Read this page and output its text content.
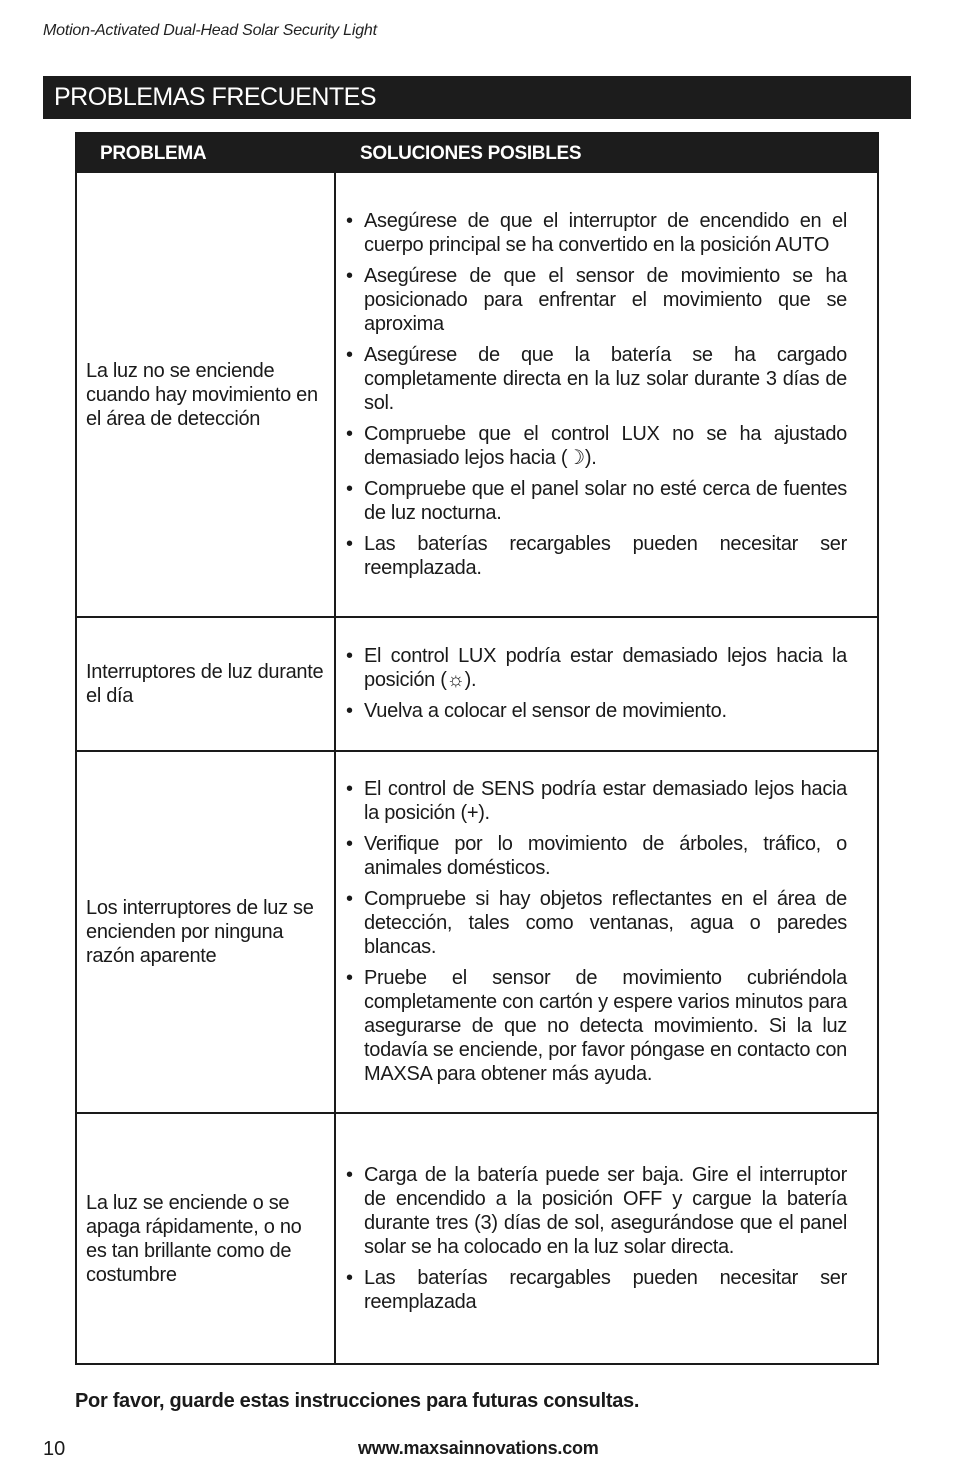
Motion-Activated Dual-Head Solar Security Light
PROBLEMAS FRECUENTES
PROBLEMA	SOLUCIONES POSIBLES
La luz no se enciende cuando hay movimiento en el área de detección
• Asegúrese de que el interruptor de encendido en el cuerpo principal se ha convertido en la posición AUTO
• Asegúrese de que el sensor de movimiento se ha posicionado para enfrentar el movimiento que se aproxima
• Asegúrese de que la batería se ha cargado completamente directa en la luz solar durante 3 días de sol.
• Compruebe que el control LUX no se ha ajustado demasiado lejos hacia (☽).
• Compruebe que el panel solar no esté cerca de fuentes de luz nocturna.
• Las baterías recargables pueden necesitar ser reemplazada.
Interruptores de luz durante el día
• El control LUX podría estar demasiado lejos hacia la posición (☼).
• Vuelva a colocar el sensor de movimiento.
Los interruptores de luz se encienden por ninguna razón aparente
• El control de SENS podría estar demasiado lejos hacia la posición (+).
• Verifique por lo movimiento de árboles, tráfico, o animales domésticos.
• Compruebe si hay objetos reflectantes en el área de detección, tales como ventanas, agua o paredes blancas.
• Pruebe el sensor de movimiento cubriéndola completamente con cartón y espere varios minutos para asegurarse de que no detecta movimiento. Si la luz todavía se enciende, por favor póngase en contacto con MAXSA para obtener más ayuda.
La luz se enciende o se apaga rápidamente, o no es tan brillante como de costumbre
• Carga de la batería puede ser baja. Gire el interruptor de encendido a la posición OFF y cargue la batería durante tres (3) días de sol, asegurándose que el panel solar se ha colocado en la luz solar directa.
• Las baterías recargables pueden necesitar ser reemplazada
Por favor, guarde estas instrucciones para futuras consultas.
10	www.maxsainnovations.com
